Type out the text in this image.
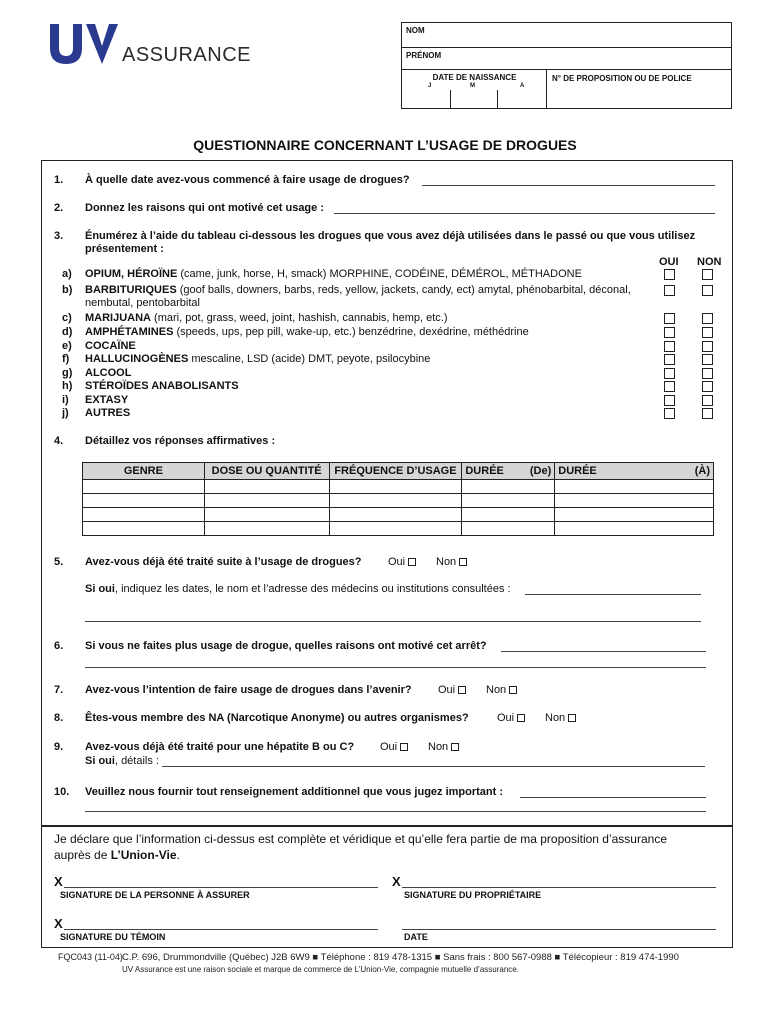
ASSURANCE
NOM
PRÉNOM
DATE DE NAISSANCE
J	M	A
N° DE PROPOSITION OU DE POLICE
QUESTIONNAIRE CONCERNANT L’USAGE DE DROGUES
1. À quelle date avez-vous commencé à faire usage de drogues?
2. Donnez les raisons qui ont motivé cet usage :
3. Énumérez à l’aide du tableau ci-dessous les drogues que vous avez déjà utilisées dans le passé ou que vous utilisez
présentement :
OUI NON
a) OPIUM, HÉROÏNE (came, junk, horse, H, smack) MORPHINE, CODÉINE, DÉMÉROL, MÉTHADONE
b) BARBITURIQUES (goof balls, downers, barbs, reds, yellow, jackets, candy, ect) amytal, phénobarbital, déconal,
nembutal, pentobarbital
c) MARIJUANA (mari, pot, grass, weed, joint, hashish, cannabis, hemp, etc.)
d) AMPHÉTAMINES (speeds, ups, pep pill, wake-up, etc.) benzédrine, dexédrine, méthédrine
e) COCAÏNE
f) HALLUCINOGÈNES mescaline, LSD (acide) DMT, peyote, psilocybine
g) ALCOOL
h) STÉROÏDES ANABOLISANTS
i) EXTASY
j) AUTRES
4. Détaillez vos réponses affirmatives :
GENRE	DOSE OU QUANTITÉ	FRÉQUENCE D’USAGE	DURÉE	(De)	DURÉE	(À)

5. Avez-vous déjà été traité suite à l’usage de drogues? Oui	Non
Si oui, indiquez les dates, le nom et l’adresse des médecins ou institutions consultées :
6. Si vous ne faites plus usage de drogue, quelles raisons ont motivé cet arrêt?
7. Avez-vous l’intention de faire usage de drogues dans l’avenir? Oui	Non
8. Êtes-vous membre des NA (Narcotique Anonyme) ou autres organismes?	Oui	Non
9. Avez-vous déjà été traité pour une hépatite B ou C? Oui	Non
Si oui, détails :
10. Veuillez nous fournir tout renseignement additionnel que vous jugez important :
Je déclare que l’information ci-dessus est complète et véridique et qu’elle fera partie de ma proposition d’assurance
auprès de L’Union-Vie.
X
SIGNATURE DE LA PERSONNE À ASSURER
X
SIGNATURE DU PROPRIÉTAIRE
X
SIGNATURE DU TÉMOIN	DATE
FQC043 (11-04) C.P. 696, Drummondville (Québec) J2B 6W9 ■ Téléphone : 819 478-1315 ■ Sans frais : 800 567-0988 ■ Télécopieur : 819 474-1990
UV Assurance est une raison sociale et marque de commerce de L’Union-Vie, compagnie mutuelle d’assurance.
